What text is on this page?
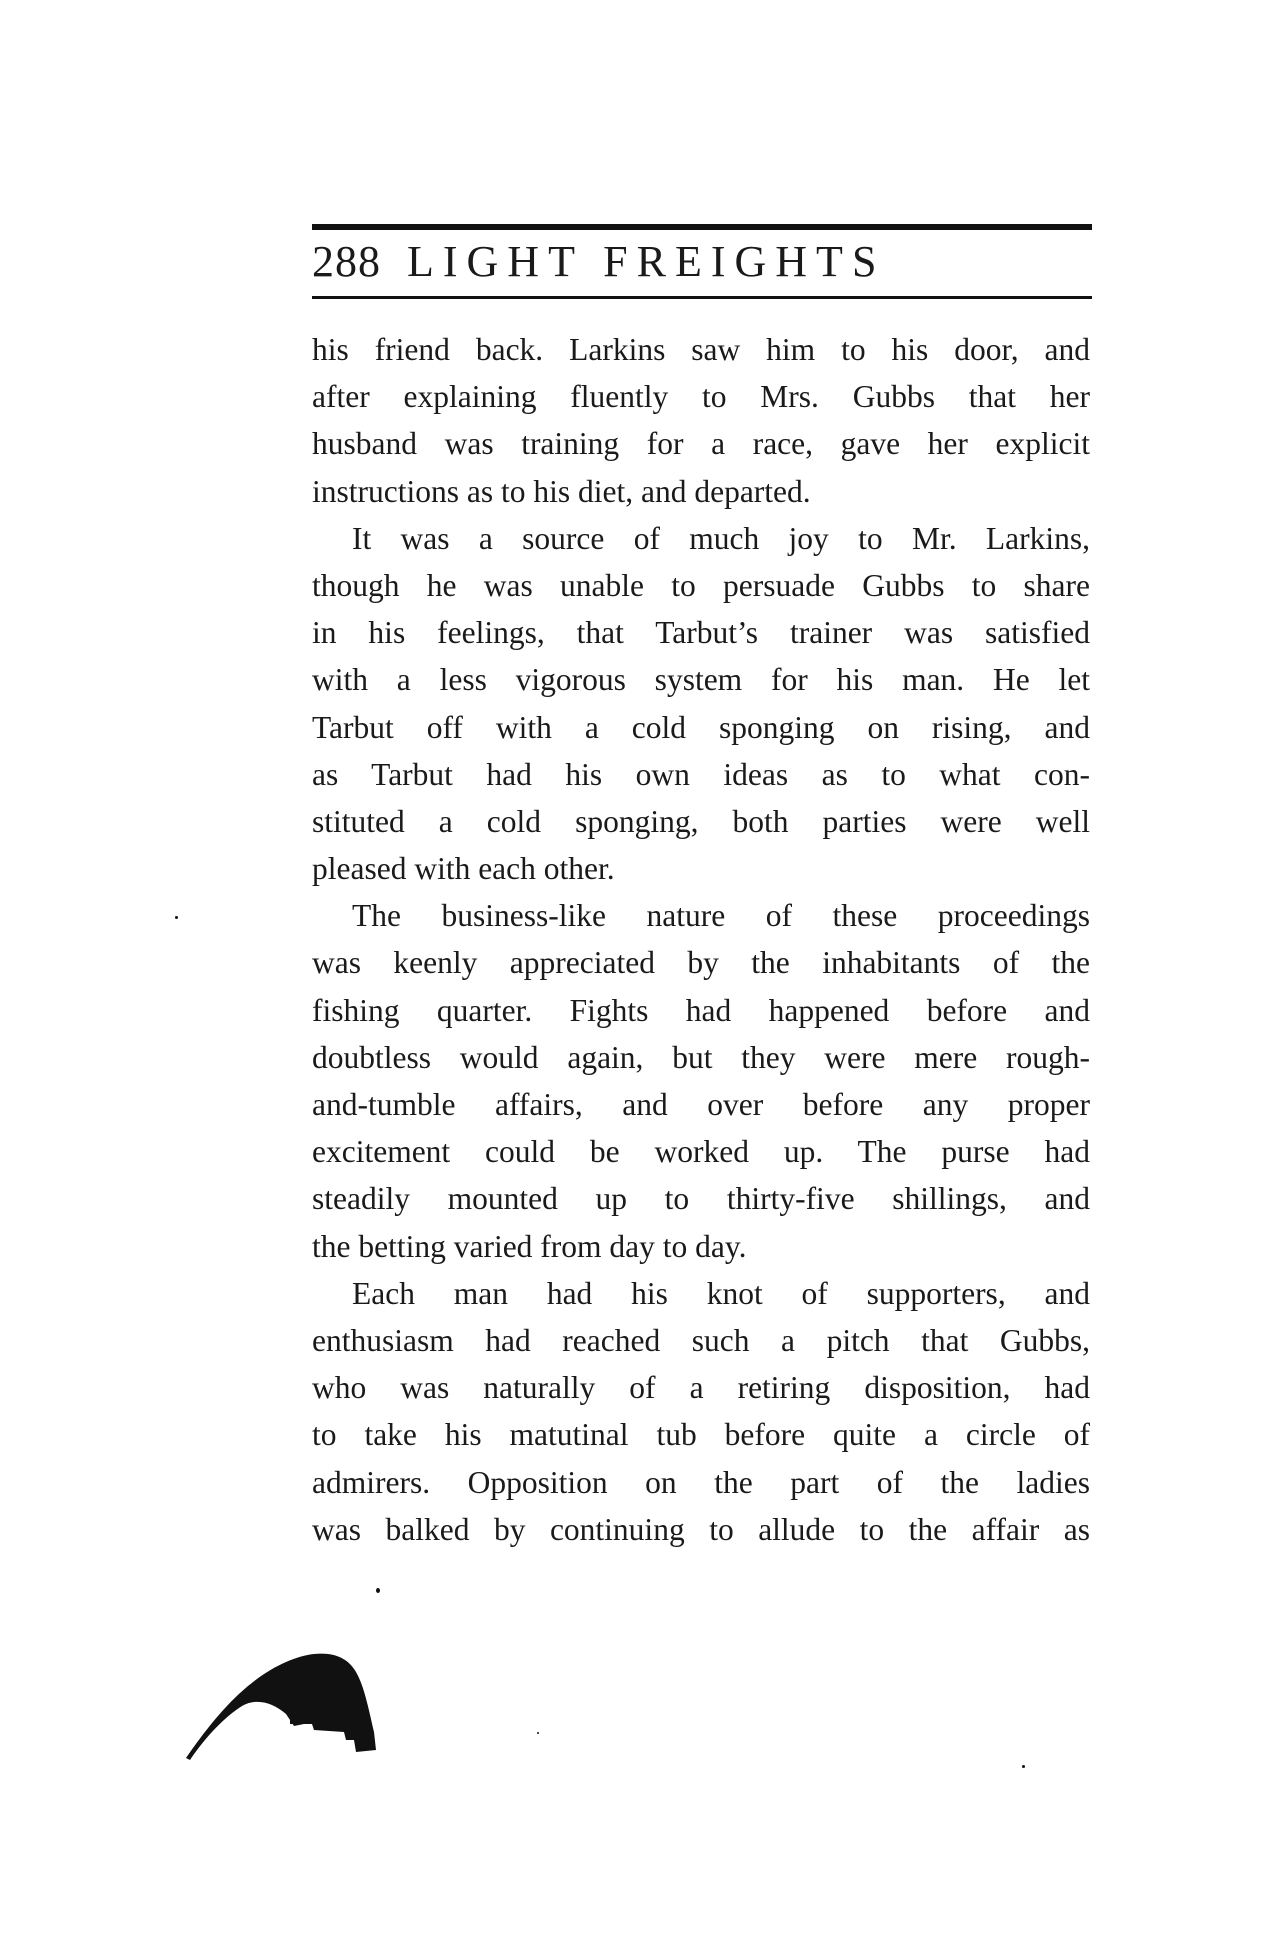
288 LIGHT FREIGHTS
his friend back. Larkins saw him to his door, and
after explaining fluently to Mrs. Gubbs that her
husband was training for a race, gave her explicit
instructions as to his diet, and departed.
It was a source of much joy to Mr. Larkins,
though he was unable to persuade Gubbs to share
in his feelings, that Tarbut’s trainer was satisfied
with a less vigorous system for his man. He let
Tarbut off with a cold sponging on rising, and
as Tarbut had his own ideas as to what con-
stituted a cold sponging, both parties were well
pleased with each other.
The business-like nature of these proceedings
was keenly appreciated by the inhabitants of the
fishing quarter. Fights had happened before and
doubtless would again, but they were mere rough-
and-tumble affairs, and over before any proper
excitement could be worked up. The purse had
steadily mounted up to thirty-five shillings, and
the betting varied from day to day.
Each man had his knot of supporters, and
enthusiasm had reached such a pitch that Gubbs,
who was naturally of a retiring disposition, had
to take his matutinal tub before quite a circle of
admirers. Opposition on the part of the ladies
was balked by continuing to allude to the affair as
